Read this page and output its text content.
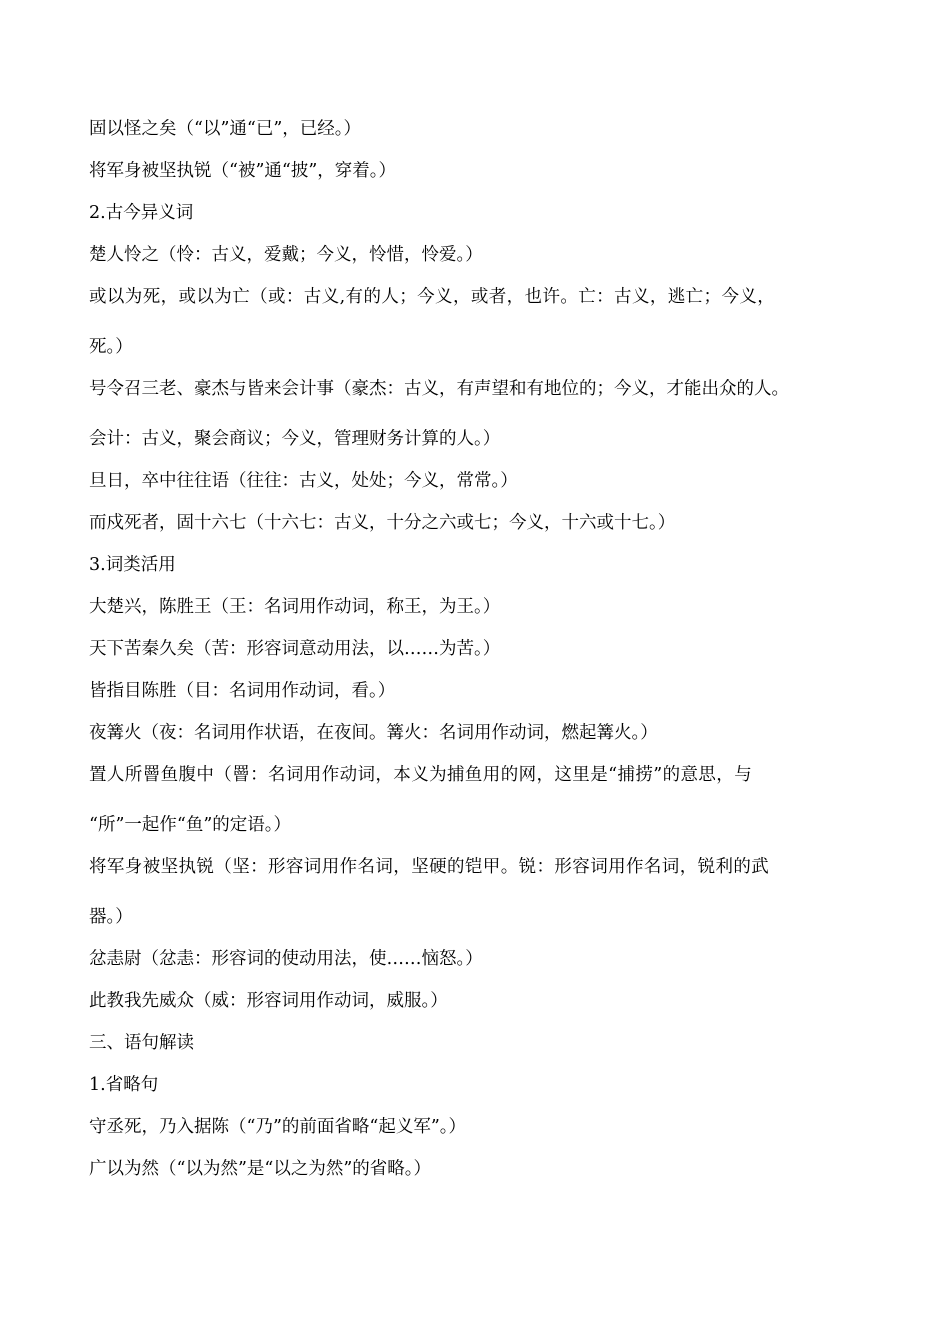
固以怪之矣（“以”通“已”，已经。）
将军身被坚执锐（“被”通“披”，穿着。）
2.古今异义词
楚人怜之（怜：古义，爱戴；今义，怜惜，怜爱。）
或以为死，或以为亡（或：古义,有的人；今义，或者，也许。亡：古义，逃亡；今义，
死。）
号令召三老、豪杰与皆来会计事（豪杰：古义，有声望和有地位的；今义，才能出众的人。
会计：古义，聚会商议；今义，管理财务计算的人。）
旦日，卒中往往语（往往：古义，处处；今义，常常。）
而戍死者，固十六七（十六七：古义，十分之六或七；今义，十六或十七。）
3.词类活用
大楚兴，陈胜王（王：名词用作动词，称王，为王。）
天下苦秦久矣（苦：形容词意动用法，以……为苦。）
皆指目陈胜（目：名词用作动词，看。）
夜篝火（夜：名词用作状语，在夜间。篝火：名词用作动词，燃起篝火。）
置人所罾鱼腹中（罾：名词用作动词，本义为捕鱼用的网，这里是“捕捞”的意思，与
“所”一起作“鱼”的定语。）
将军身被坚执锐（坚：形容词用作名词，坚硬的铠甲。锐：形容词用作名词，锐利的武
器。）
忿恚尉（忿恚：形容词的使动用法，使……恼怒。）
此教我先威众（威：形容词用作动词，威服。）
三、语句解读
1.省略句
守丞死，乃入据陈（“乃”的前面省略“起义军”。）
广以为然（“以为然”是“以之为然”的省略。）
